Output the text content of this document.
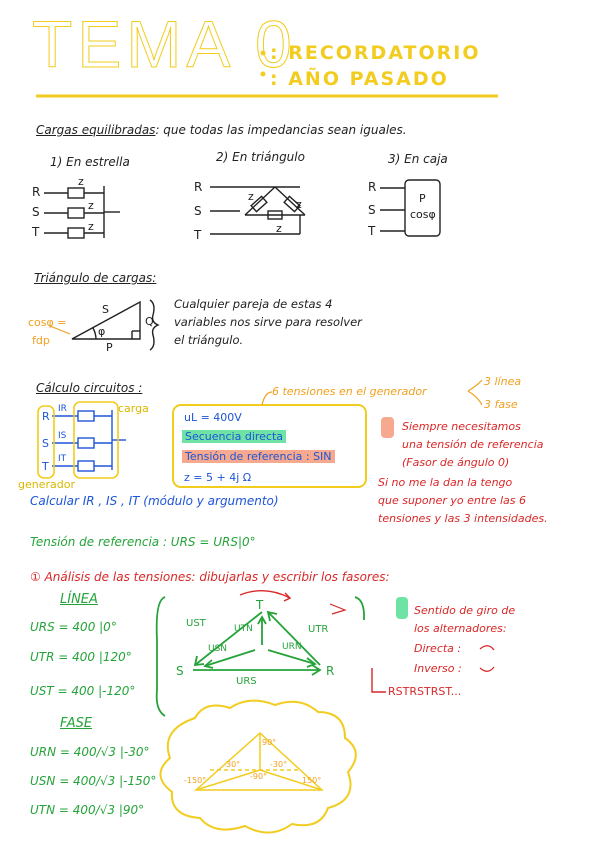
TEMA 0
: RECORDATORIO
: AÑO PASADO
Cargas equilibradas: que todas las impedancias sean iguales.
1) En estrella	2) En triángulo	3) En caja
R
S
T
z
z
z
R
S
T
z
z
z
R
S
T
P
cosφ
Triángulo de cargas:
S
Q
P
φ
cosφ =
fdp
Cualquier pareja de estas 4
variables nos sirve para resolver
el triángulo.
Cálculo circuitos :
R
S
T
IR
IS
IT
carga
generador
6 tensiones en el generador
3 línea
3 fase
uL = 400V
Secuencia directa
Tensión de referencia : SIN
z = 5 + 4j Ω
Siempre necesitamos
una tensión de referencia
(Fasor de ángulo 0)
Si no me la dan la tengo
que suponer yo entre las 6
tensiones y las 3 intensidades.
Calcular IR , IS , IT (módulo y argumento)
Tensión de referencia : URS = URS|0°
① Análisis de las tensiones: dibujarlas y escribir los fasores:
LÍNEA
URS = 400 |0°
UTR = 400 |120°
UST = 400 |-120°
FASE
URN = 400/√3 |-30°
USN = 400/√3 |-150°
UTN = 400/√3 |90°
T
S	R
UST
UTR
URS
UTN
USN	URN
Sentido de giro de
los alternadores:
Directa :
Inverso :
RSTRSTRST...
90°
-150°	150°
-30°
30°
-90°
